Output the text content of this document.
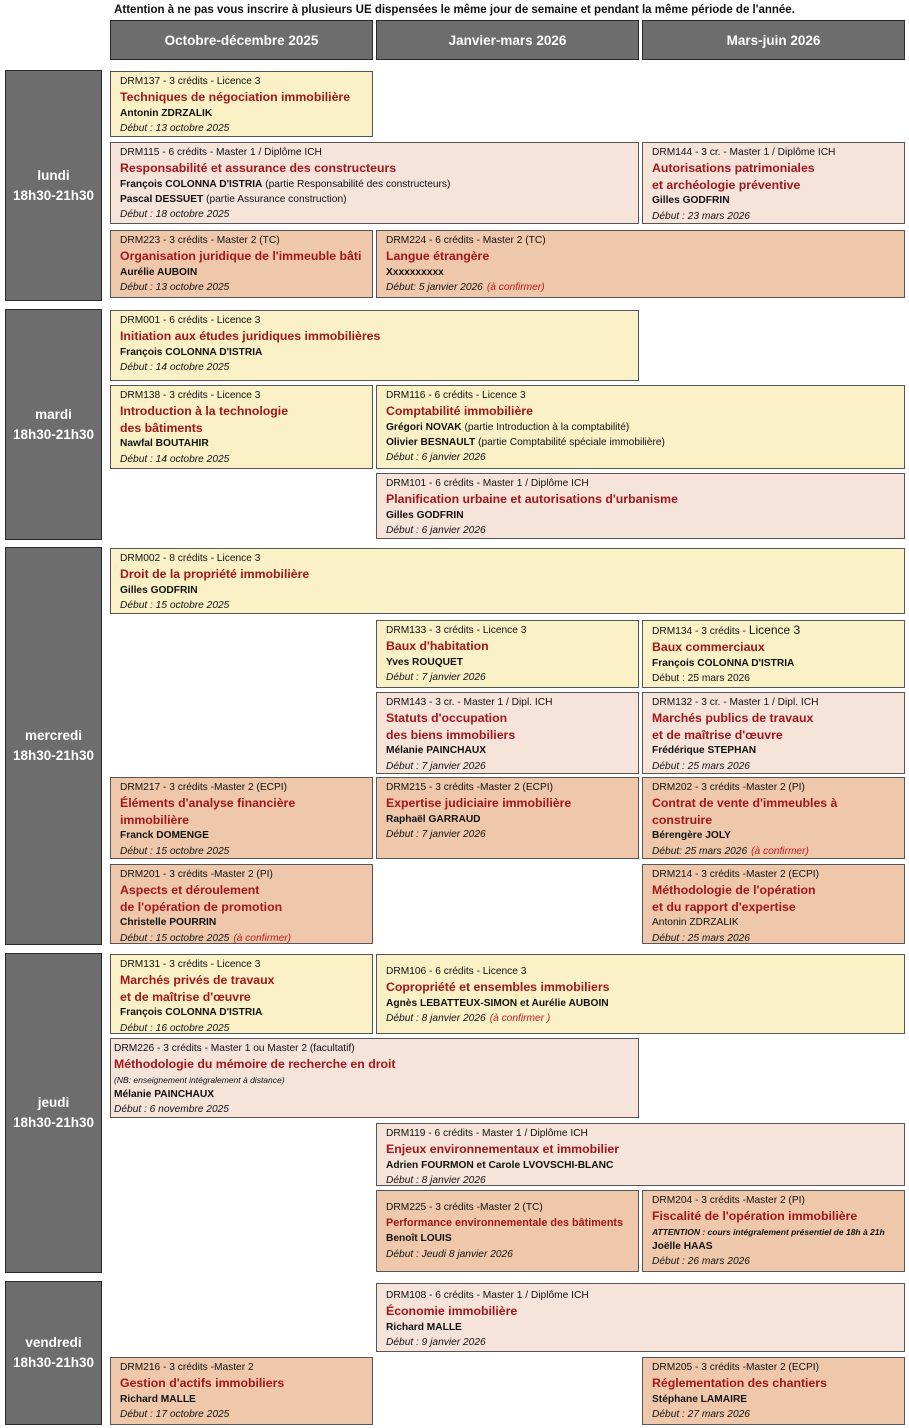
Attention à ne pas vous inscrire à plusieurs UE dispensées le même jour de semaine et pendant la même période de l'année.
Octobre-décembre 2025	Janvier-mars 2026	Mars-juin 2026
lundi
18h30-21h30
mardi
18h30-21h30
mercredi
18h30-21h30
jeudi
18h30-21h30
vendredi
18h30-21h30
DRM137 - 3 crédits - Licence 3
Techniques de négociation immobilière
Antonin ZDRZALIK
Début : 13 octobre 2025
DRM115 - 6 crédits - Master 1 / Diplôme ICH
Responsabilité et assurance des constructeurs
François COLONNA D'ISTRIA (partie Responsabilité des constructeurs)
Pascal DESSUET (partie Assurance construction)
Début : 18 octobre 2025
DRM144 - 3 cr. - Master 1 / Diplôme ICH
Autorisations patrimoniales
et archéologie préventive
Gilles GODFRIN
Début : 23 mars 2026
DRM223 - 3 crédits - Master 2 (TC)
Organisation juridique de l'immeuble bâti
Aurélie AUBOIN
Début : 13 octobre 2025
DRM224 - 6 crédits - Master 2 (TC)
Langue étrangère
Xxxxxxxxxx
Début: 5 janvier 2026 (à confirmer)
DRM001 - 6 crédits - Licence 3
Initiation aux études juridiques immobilières
François COLONNA D'ISTRIA
Début : 14 octobre 2025
DRM138 - 3 crédits - Licence 3
Introduction à la technologie
des bâtiments
Nawfal BOUTAHIR
Début : 14 octobre 2025
DRM116 - 6 crédits - Licence 3
Comptabilité immobilière
Grégori NOVAK (partie Introduction à la comptabilité)
Olivier BESNAULT (partie Comptabilité spéciale immobilière)
Début : 6 janvier 2026
DRM101 - 6 crédits - Master 1 / Diplôme ICH
Planification urbaine et autorisations d'urbanisme
Gilles GODFRIN
Début : 6 janvier 2026
DRM002 - 8 crédits - Licence 3
Droit de la propriété immobilière
Gilles GODFRIN
Début : 15 octobre 2025
DRM133 - 3 crédits - Licence 3
Baux d'habitation
Yves ROUQUET
Début : 7 janvier 2026
DRM134 - 3 crédits - Licence 3
Baux commerciaux
François COLONNA D'ISTRIA
Début : 25 mars 2026
DRM143 - 3 cr. - Master 1 / Dipl. ICH
Statuts d'occupation
des biens immobiliers
Mélanie PAINCHAUX
Début : 7 janvier 2026
DRM132 - 3 cr. - Master 1 / Dipl. ICH
Marchés publics de travaux
et de maîtrise d'œuvre
Frédérique STEPHAN
Début : 25 mars 2026
DRM217 - 3 crédits -Master 2 (ECPI)
Éléments d'analyse financière immobilière
Franck DOMENGE
Début : 15 octobre 2025
DRM215 - 3 crédits -Master 2 (ECPI)
Expertise judiciaire immobilière
Raphaël GARRAUD
Début : 7 janvier 2026
DRM202 - 3 crédits -Master 2 (PI)
Contrat de vente d'immeubles à
construire
Bérengère JOLY
Début: 25 mars 2026 (à confirmer)
DRM201 - 3 crédits -Master 2 (PI)
Aspects et déroulement
de l'opération de promotion
Christelle POURRIN
Début : 15 octobre 2025 (à confirmer)
DRM214 - 3 crédits -Master 2 (ECPI)
Méthodologie de l'opération
et du rapport d'expertise
Antonin ZDRZALIK
Début : 25 mars 2026
DRM131 - 3 crédits - Licence 3
Marchés privés de travaux
et de maîtrise d'œuvre
François COLONNA D'ISTRIA
Début : 16 octobre 2025
DRM106 - 6 crédits - Licence 3
Copropriété et ensembles immobiliers
Agnès LEBATTEUX-SIMON et Aurélie AUBOIN
Début : 8 janvier 2026 (à confirmer )
DRM226 - 3 crédits - Master 1 ou Master 2 (facultatif)
Méthodologie du mémoire de recherche en droit
(NB: enseignement intégralement à distance)
Mélanie PAINCHAUX
Début : 6 novembre 2025
DRM119 - 6 crédits - Master 1 / Diplôme ICH
Enjeux environnementaux et immobilier
Adrien FOURMON et Carole LVOVSCHI-BLANC
Début : 8 janvier 2026
DRM225 - 3 crédits -Master 2 (TC)
Performance environnementale des bâtiments
Benoît LOUIS
Début : Jeudi 8 janvier 2026
DRM204 - 3 crédits -Master 2 (PI)
Fiscalité de l'opération immobilière
ATTENTION : cours intégralement présentiel de 18h à 21h
Joëlle HAAS
Début : 26 mars 2026
DRM108 - 6 crédits - Master 1 / Diplôme ICH
Économie immobilière
Richard MALLE
Début : 9 janvier 2026
DRM216 - 3 crédits -Master 2
Gestion d'actifs immobiliers
Richard MALLE
Début : 17 octobre 2025
DRM205 - 3 crédits -Master 2 (ECPI)
Réglementation des chantiers
Stéphane LAMAIRE
Début : 27 mars 2026
